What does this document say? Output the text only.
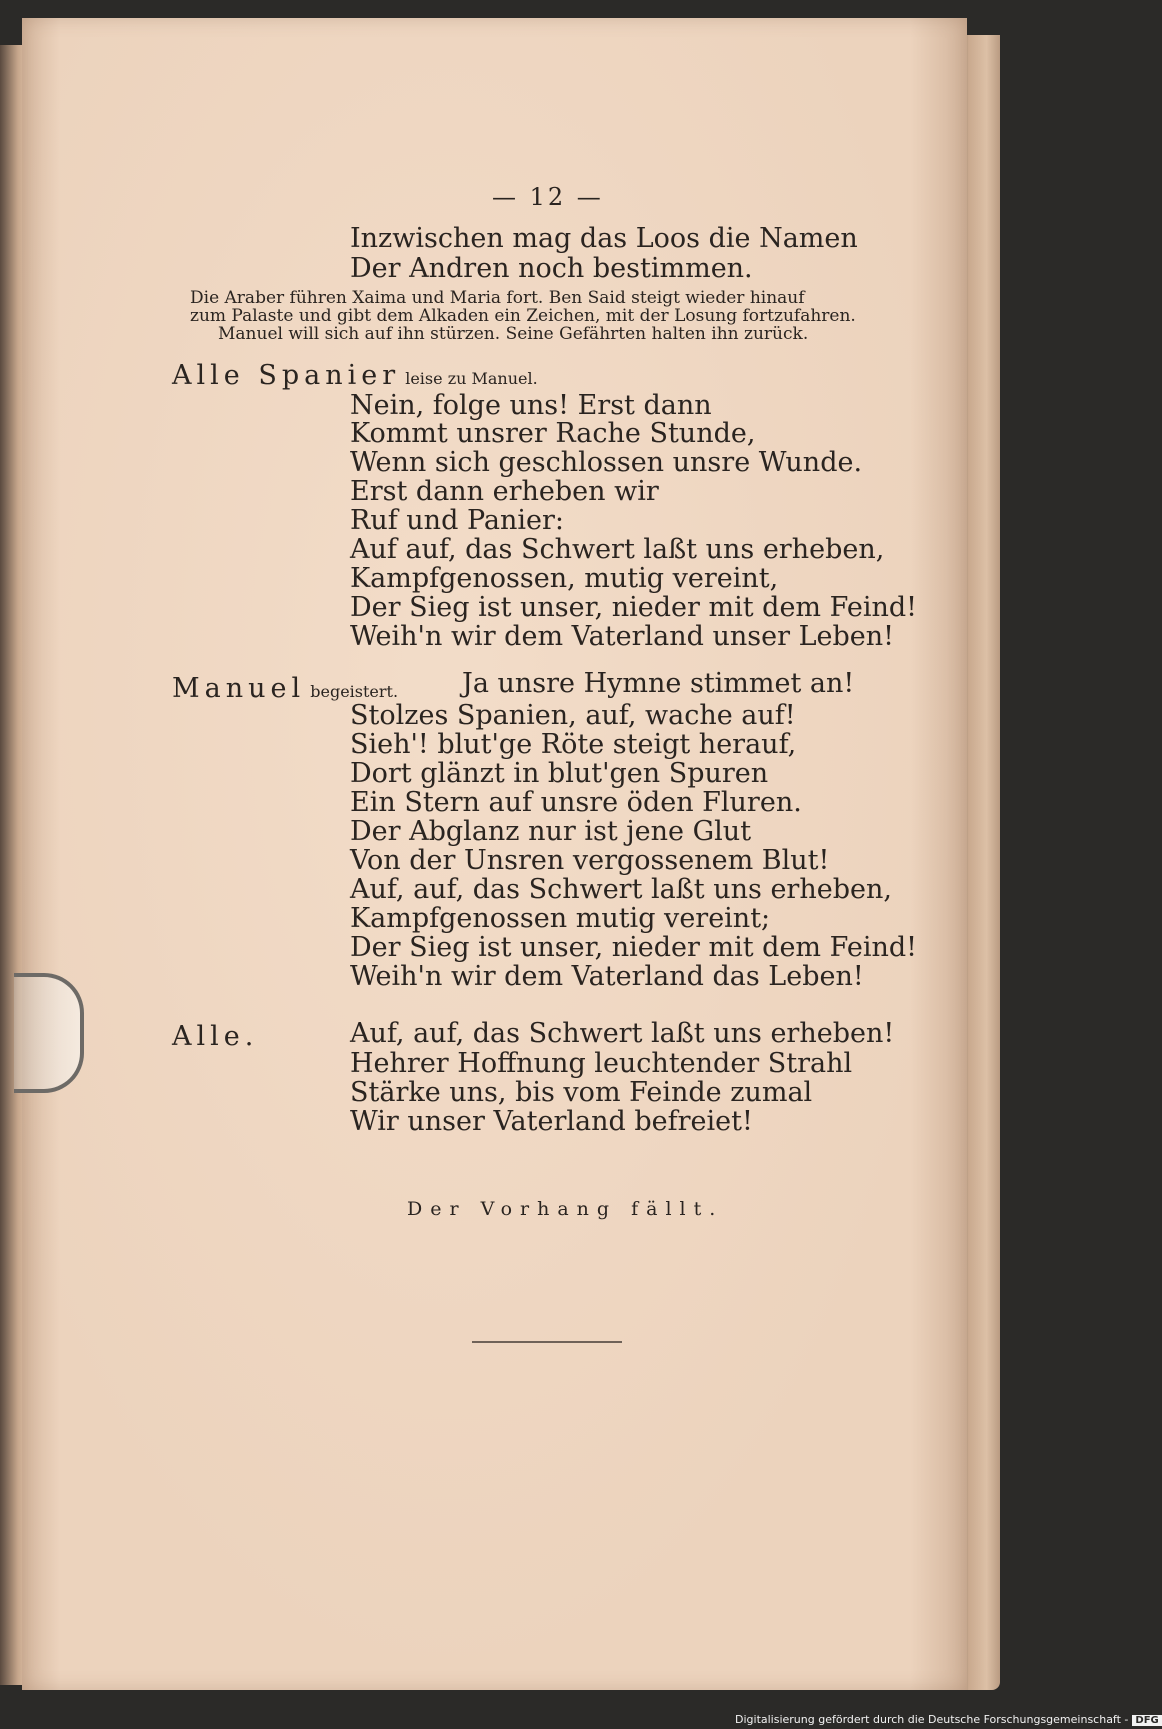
— 12 —
Inzwischen mag das Loos die Namen
Der Andren noch bestimmen.
Die Araber führen Xaima und Maria fort. Ben Said steigt wieder hinauf
zum Palaste und gibt dem Alkaden ein Zeichen, mit der Losung fortzufahren.
Manuel will sich auf ihn stürzen. Seine Gefährten halten ihn zurück.
Alle Spanier leise zu Manuel.
Nein, folge uns! Erst dann
Kommt unsrer Rache Stunde,
Wenn sich geschlossen unsre Wunde.
Erst dann erheben wir
Ruf und Panier:
Auf auf, das Schwert laßt uns erheben,
Kampfgenossen, mutig vereint,
Der Sieg ist unser, nieder mit dem Feind!
Weih'n wir dem Vaterland unser Leben!
Manuel begeistert. Ja unsre Hymne stimmet an!
Stolzes Spanien, auf, wache auf!
Sieh'! blut'ge Röte steigt herauf,
Dort glänzt in blut'gen Spuren
Ein Stern auf unsre öden Fluren.
Der Abglanz nur ist jene Glut
Von der Unsren vergossenem Blut!
Auf, auf, das Schwert laßt uns erheben,
Kampfgenossen mutig vereint;
Der Sieg ist unser, nieder mit dem Feind!
Weih'n wir dem Vaterland das Leben!
Alle.	Auf, auf, das Schwert laßt uns erheben!
Hehrer Hoffnung leuchtender Strahl
Stärke uns, bis vom Feinde zumal
Wir unser Vaterland befreiet!
Der Vorhang fällt.
Digitalisierung gefördert durch die Deutsche Forschungsgemeinschaft - DFG
